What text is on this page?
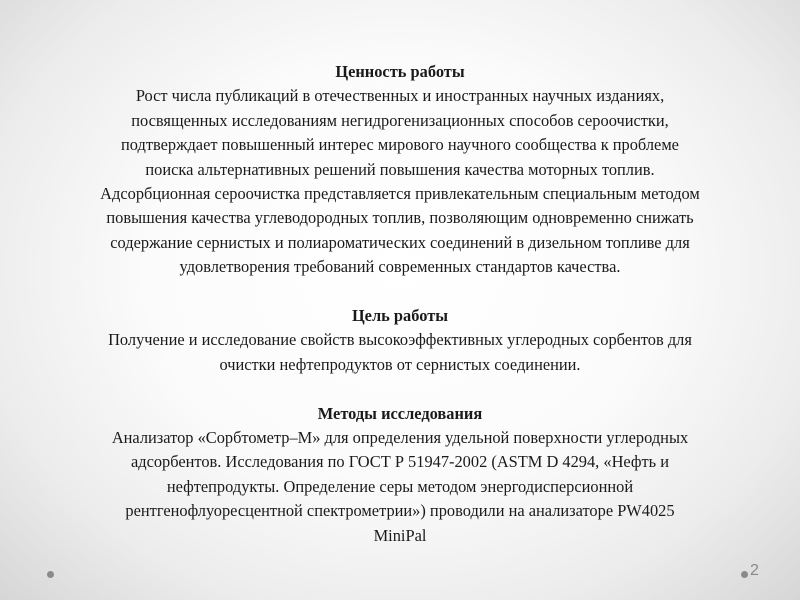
Ценность работы
Рост числа публикаций в отечественных и иностранных научных изданиях,
посвященных исследованиям негидрогенизационных способов сероочистки,
подтверждает повышенный интерес мирового научного сообщества к проблеме
поиска альтернативных решений повышения качества моторных топлив.
Адсорбционная сероочистка представляется привлекательным специальным методом
повышения качества углеводородных топлив, позволяющим одновременно снижать
содержание сернистых и полиароматических соединений в дизельном топливе для
удовлетворения требований современных стандартов качества.
Цель работы
Получение и исследование свойств высокоэффективных углеродных сорбентов для
очистки нефтепродуктов от сернистых соединении.
Методы исследования
Анализатор «Сорбтометр–М» для определения удельной поверхности углеродных
адсорбентов. Исследования по ГОСТ Р 51947-2002 (ASTM D 4294, «Нефть и
нефтепродукты. Определение серы методом энергодисперсионной
рентгенофлуоресцентной спектрометрии») проводили на анализаторе PW4025
MiniPal
2
